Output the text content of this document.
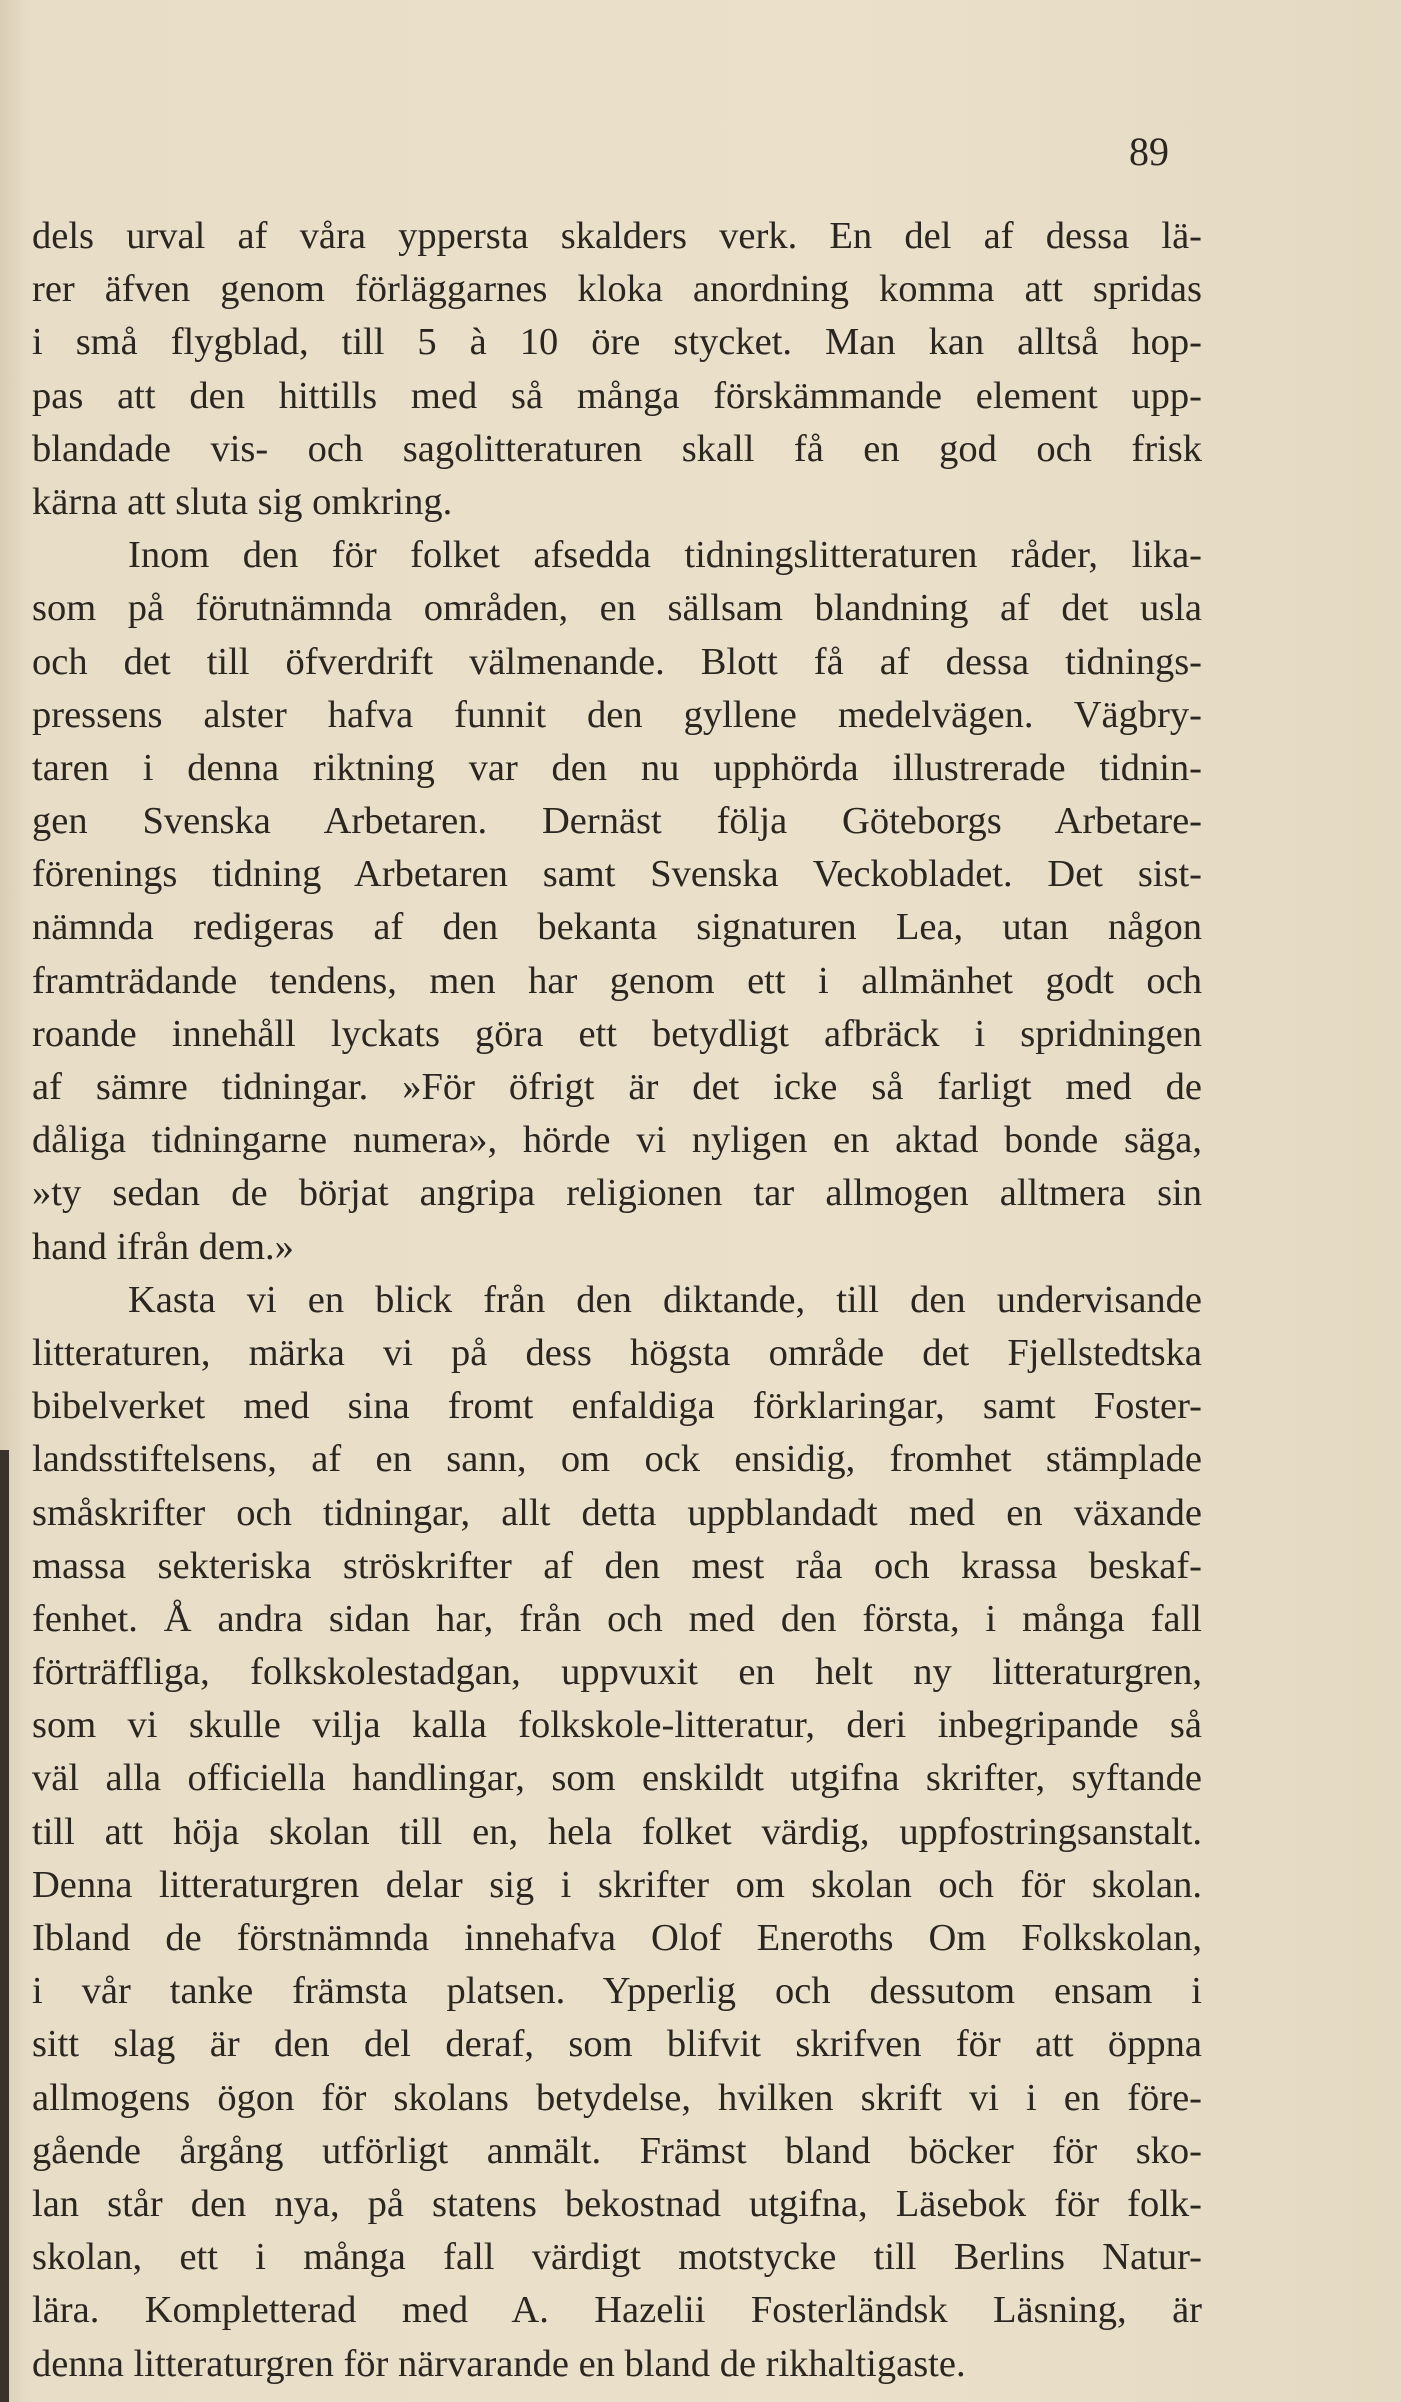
89
dels urval af våra yppersta skalders verk. En del af dessa lä-
rer äfven genom förläggarnes kloka anordning komma att spridas
i små flygblad, till 5 à 10 öre stycket. Man kan alltså hop-
pas att den hittills med så många förskämmande element upp-
blandade vis- och sagolitteraturen skall få en god och frisk
kärna att sluta sig omkring.
Inom den för folket afsedda tidningslitteraturen råder, lika-
som på förutnämnda områden, en sällsam blandning af det usla
och det till öfverdrift välmenande. Blott få af dessa tidnings-
pressens alster hafva funnit den gyllene medelvägen. Vägbry-
taren i denna riktning var den nu upphörda illustrerade tidnin-
gen Svenska Arbetaren. Dernäst följa Göteborgs Arbetare-
förenings tidning Arbetaren samt Svenska Veckobladet. Det sist-
nämnda redigeras af den bekanta signaturen Lea, utan någon
framträdande tendens, men har genom ett i allmänhet godt och
roande innehåll lyckats göra ett betydligt afbräck i spridningen
af sämre tidningar. »För öfrigt är det icke så farligt med de
dåliga tidningarne numera», hörde vi nyligen en aktad bonde säga,
»ty sedan de börjat angripa religionen tar allmogen alltmera sin
hand ifrån dem.»
Kasta vi en blick från den diktande, till den undervisande
litteraturen, märka vi på dess högsta område det Fjellstedtska
bibelverket med sina fromt enfaldiga förklaringar, samt Foster-
landsstiftelsens, af en sann, om ock ensidig, fromhet stämplade
småskrifter och tidningar, allt detta uppblandadt med en växande
massa sekteriska ströskrifter af den mest råa och krassa beskaf-
fenhet. Å andra sidan har, från och med den första, i många fall
förträffliga, folkskolestadgan, uppvuxit en helt ny litteraturgren,
som vi skulle vilja kalla folkskole-litteratur, deri inbegripande så
väl alla officiella handlingar, som enskildt utgifna skrifter, syftande
till att höja skolan till en, hela folket värdig, uppfostringsanstalt.
Denna litteraturgren delar sig i skrifter om skolan och för skolan.
Ibland de förstnämnda innehafva Olof Eneroths Om Folkskolan,
i vår tanke främsta platsen. Ypperlig och dessutom ensam i
sitt slag är den del deraf, som blifvit skrifven för att öppna
allmogens ögon för skolans betydelse, hvilken skrift vi i en före-
gående årgång utförligt anmält. Främst bland böcker för sko-
lan står den nya, på statens bekostnad utgifna, Läsebok för folk-
skolan, ett i många fall värdigt motstycke till Berlins Natur-
lära. Kompletterad med A. Hazelii Fosterländsk Läsning, är
denna litteraturgren för närvarande en bland de rikhaltigaste.
